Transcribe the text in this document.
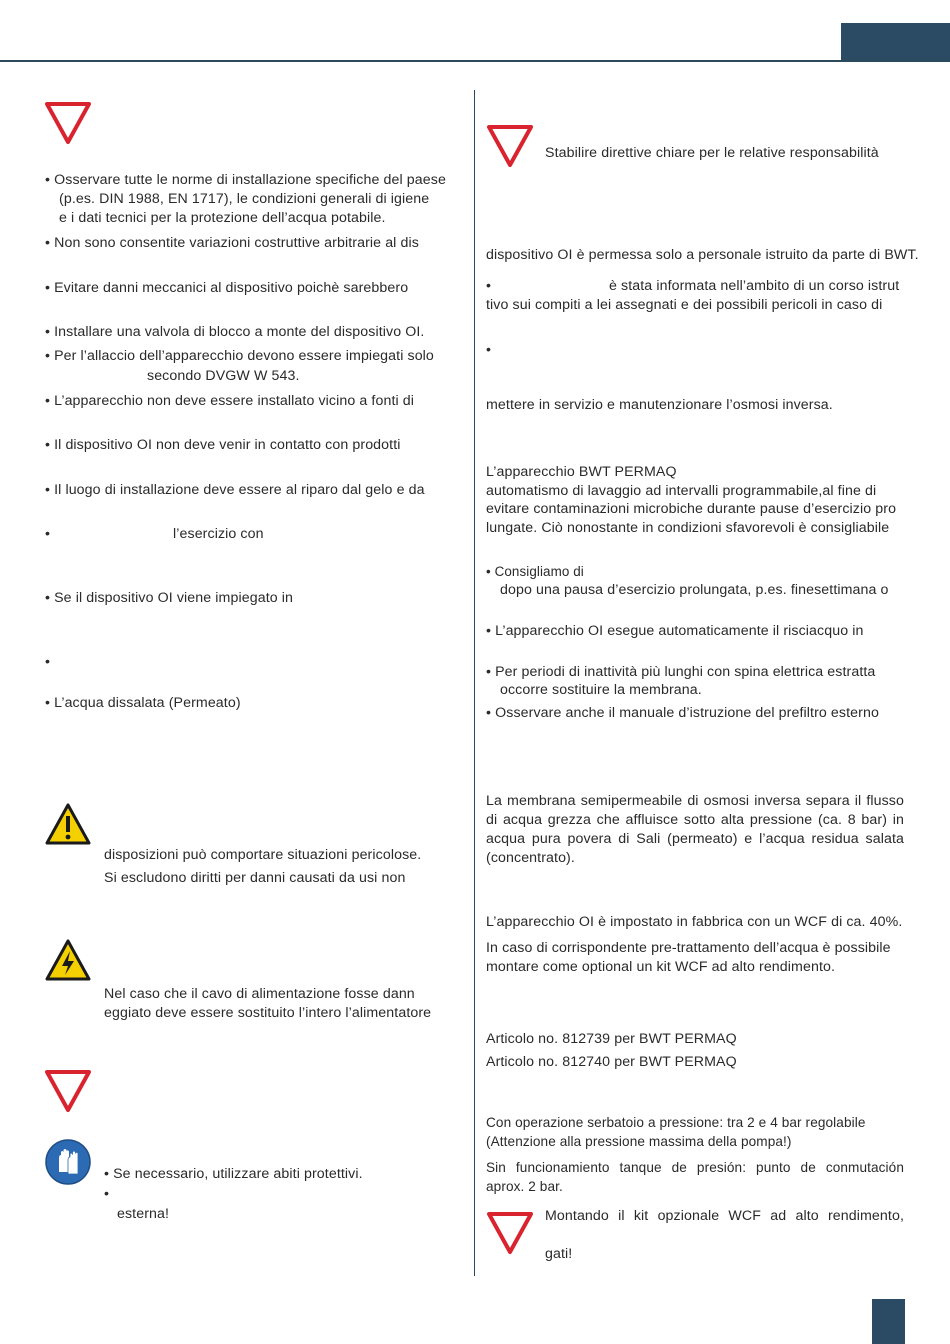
• Osservare tutte le norme di installazione specifiche del paese
(p.es. DIN 1988, EN 1717), le condizioni generali di igiene
e i dati tecnici per la protezione dell’acqua potabile.
• Non sono consentite variazioni costruttive arbitrarie al dis
• Evitare danni meccanici al dispositivo poichè sarebbero
• Installare una valvola di blocco a monte del dispositivo OI.
• Per l’allaccio dell’apparecchio devono essere impiegati solo
secondo DVGW W 543.
• L’apparecchio non deve essere installato vicino a fonti di
• Il dispositivo OI non deve venir in contatto con prodotti
• Il luogo di installazione deve essere al riparo dal gelo e da
•	l’esercizio con
• Se il dispositivo OI viene impiegato in
•
• L’acqua dissalata (Permeato)
disposizioni può comportare situazioni pericolose.
Si escludono diritti per danni causati da usi non
Nel caso che il cavo di alimentazione fosse dann
eggiato deve essere sostituito l’intero l’alimentatore
• Se necessario, utilizzare abiti protettivi.
•
esterna!
Stabilire direttive chiare per le relative responsabilità
dispositivo OI è permessa solo a personale istruito da parte di BWT.
•	è stata informata nell’ambito di un corso istrut
tivo sui compiti a lei assegnati e dei possibili pericoli in caso di
•
mettere in servizio e manutenzionare l’osmosi inversa.
L’apparecchio BWT PERMAQ
automatismo di lavaggio ad intervalli programmabile,al fine di
evitare contaminazioni microbiche durante pause d’esercizio pro
lungate. Ciò nonostante in condizioni sfavorevoli è consigliabile
• Consigliamo di
dopo una pausa d’esercizio prolungata, p.es. finesettimana o
• L’apparecchio OI esegue automaticamente il risciacquo in
• Per periodi di inattività più lunghi con spina elettrica estratta
occorre sostituire la membrana.
• Osservare anche il manuale d’istruzione del prefiltro esterno
La membrana semipermeabile di osmosi inversa separa il flusso
di acqua grezza che affluisce sotto alta pressione (ca. 8 bar) in
acqua pura povera di Sali (permeato) e l’acqua residua salata
(concentrato).
L’apparecchio OI è impostato in fabbrica con un WCF di ca. 40%.
In caso di corrispondente pre-trattamento dell’acqua è possibile
montare come optional un kit WCF ad alto rendimento.
Articolo no. 812739 per BWT PERMAQ
Articolo no. 812740 per BWT PERMAQ
Con operazione serbatoio a pressione: tra 2 e 4 bar regolabile
(Attenzione alla pressione massima della pompa!)
Sin funcionamiento tanque de presión: punto de conmutación
aprox. 2 bar.
Montando il kit opzionale WCF ad alto rendimento,
gati!
